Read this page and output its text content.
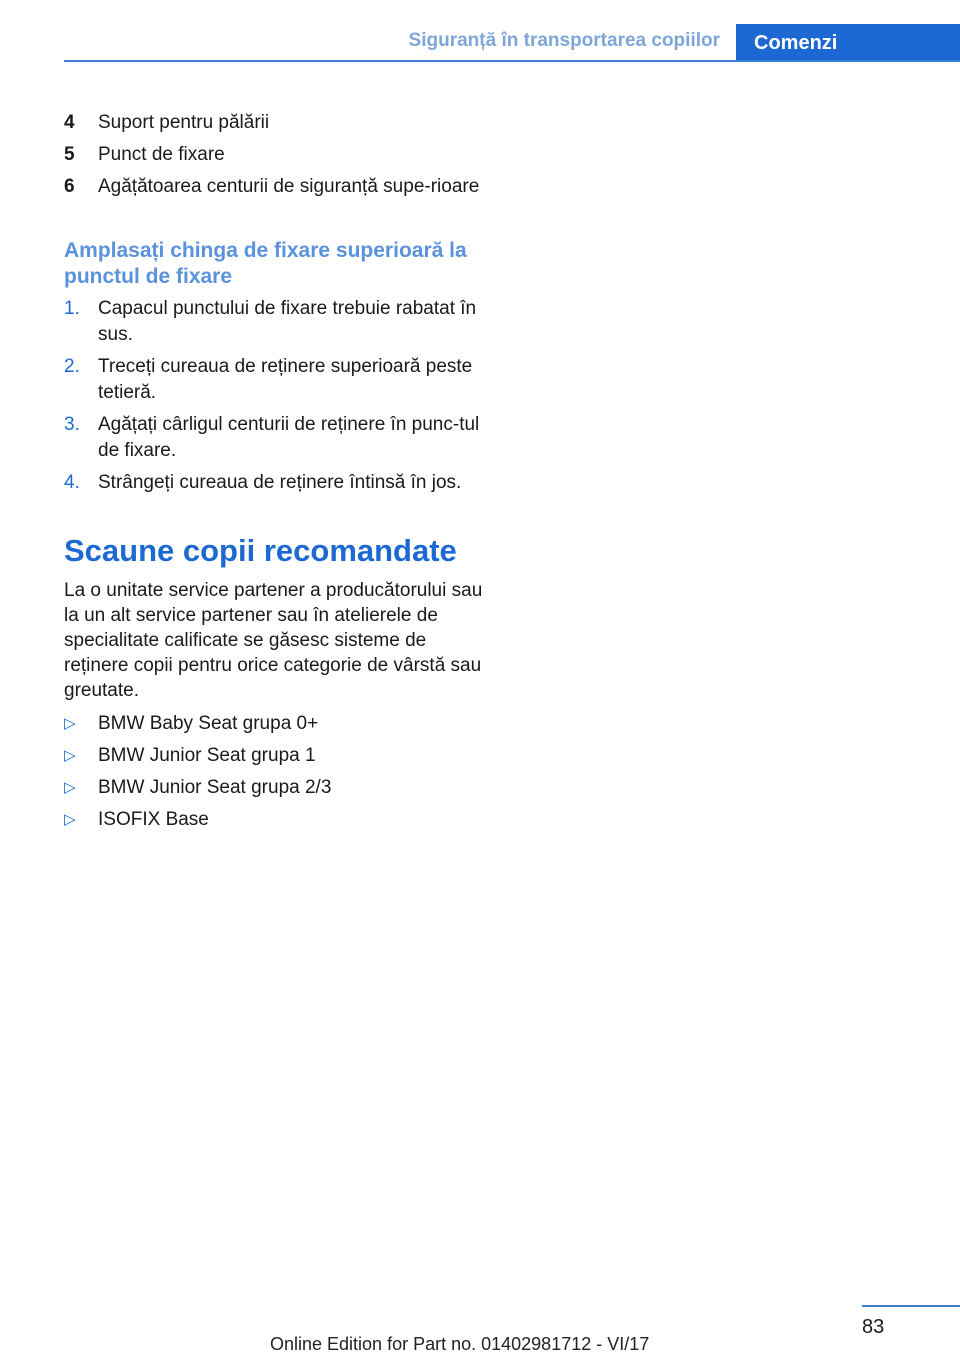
Siguranță în transportarea copiilor	Comenzi
4	Suport pentru pălării
5	Punct de fixare
6	Agățătoarea centurii de siguranță supe-rioare
Amplasați chinga de fixare superioară la punctul de fixare
1. Capacul punctului de fixare trebuie rabatat în sus.
2. Treceți cureaua de reținere superioară peste tetieră.
3. Agățați cârligul centurii de reținere în punc-tul de fixare.
4. Strângeți cureaua de reținere întinsă în jos.
Scaune copii recomandate

La o unitate service partener a producătorului sau la un alt service partener sau în atelierele de specialitate calificate se găsesc sisteme de reținere copii pentru orice categorie de vârstă sau greutate.

▷	BMW Baby Seat grupa 0+
▷	BMW Junior Seat grupa 1
▷	BMW Junior Seat grupa 2/3
▷	ISOFIX Base
83
Online Edition for Part no. 01402981712 - VI/17
